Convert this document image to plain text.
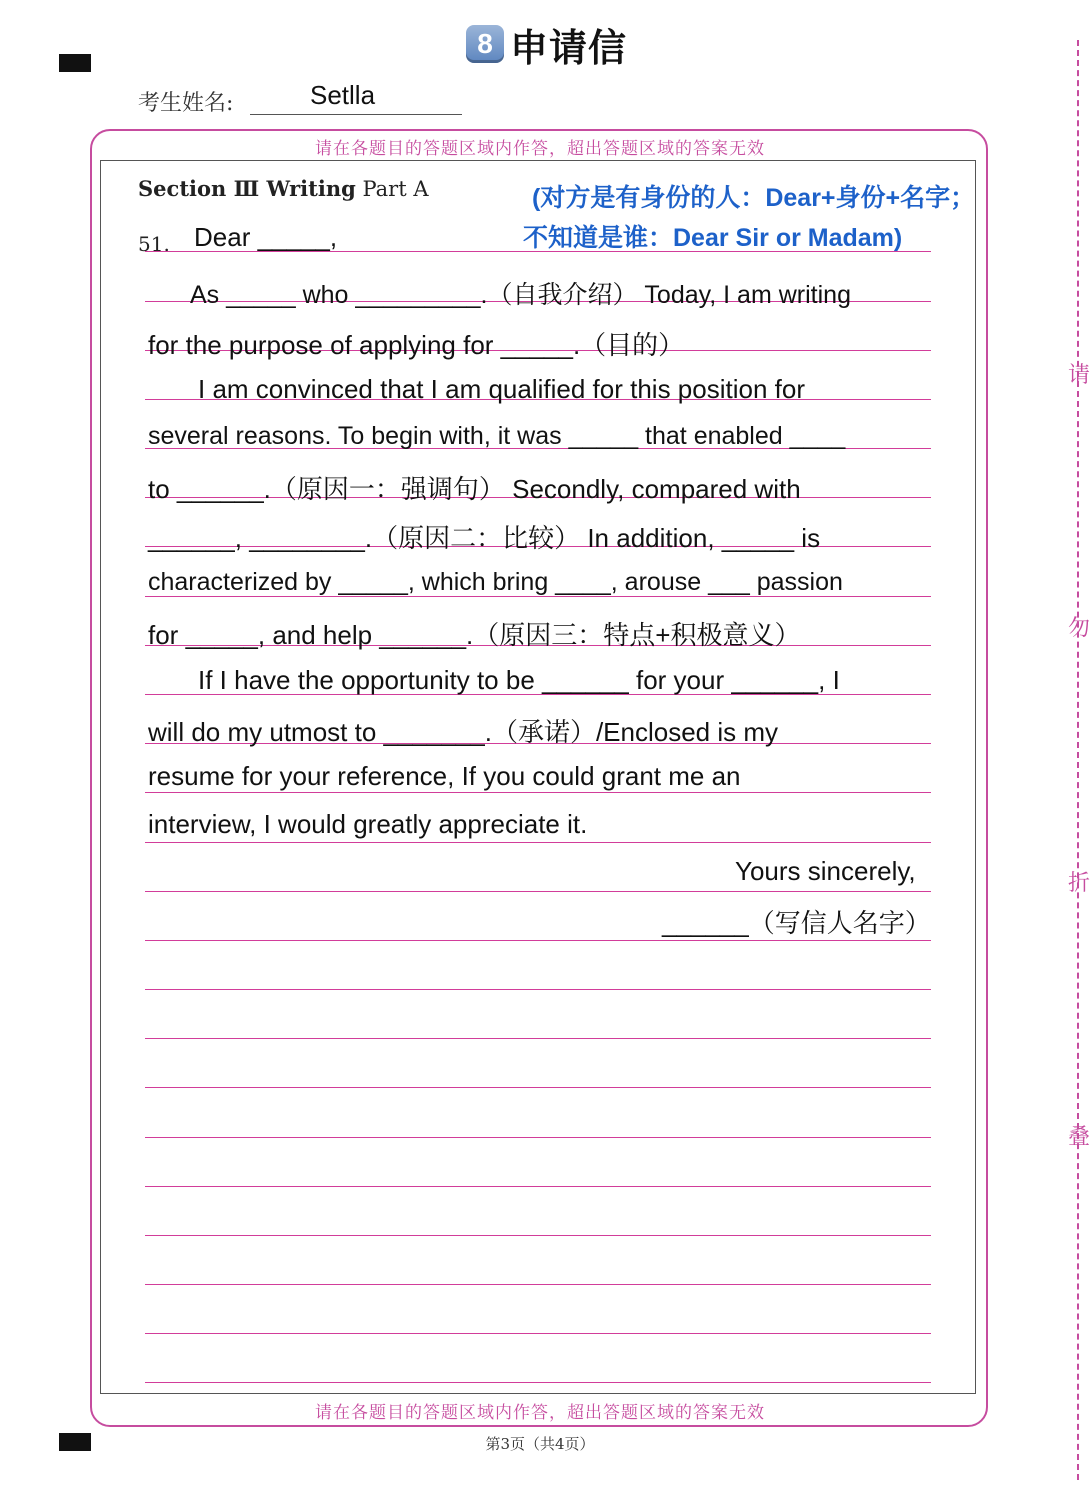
请
勿
折
叠
8 申请信
考生姓名:	Setlla
请在各题目的答题区域内作答，超出答题区域的答案无效
请在各题目的答题区域内作答，超出答题区域的答案无效
Section Ⅲ Writing Part A
51.
(对方是有身份的人：Dear+身份+名字；
不知道是谁：Dear Sir or Madam)
Dear _____,
As _____ who _________.（自我介绍） Today, I am writing
for the purpose of applying for _____.（目的）
I am convinced that I am qualified for this position for
several reasons. To begin with, it was _____ that enabled ____
to ______.（原因一：强调句） Secondly, compared with
______, ________.（原因二：比较） In addition, _____ is
characterized by _____, which bring ____, arouse ___ passion
for _____, and help ______.（原因三：特点+积极意义）
If I have the opportunity to be ______ for your ______, I
will do my utmost to _______.（承诺）/Enclosed is my
resume for your reference, If you could grant me an
interview, I would greatly appreciate it.
Yours sincerely,
______（写信人名字）
第3页（共4页）
